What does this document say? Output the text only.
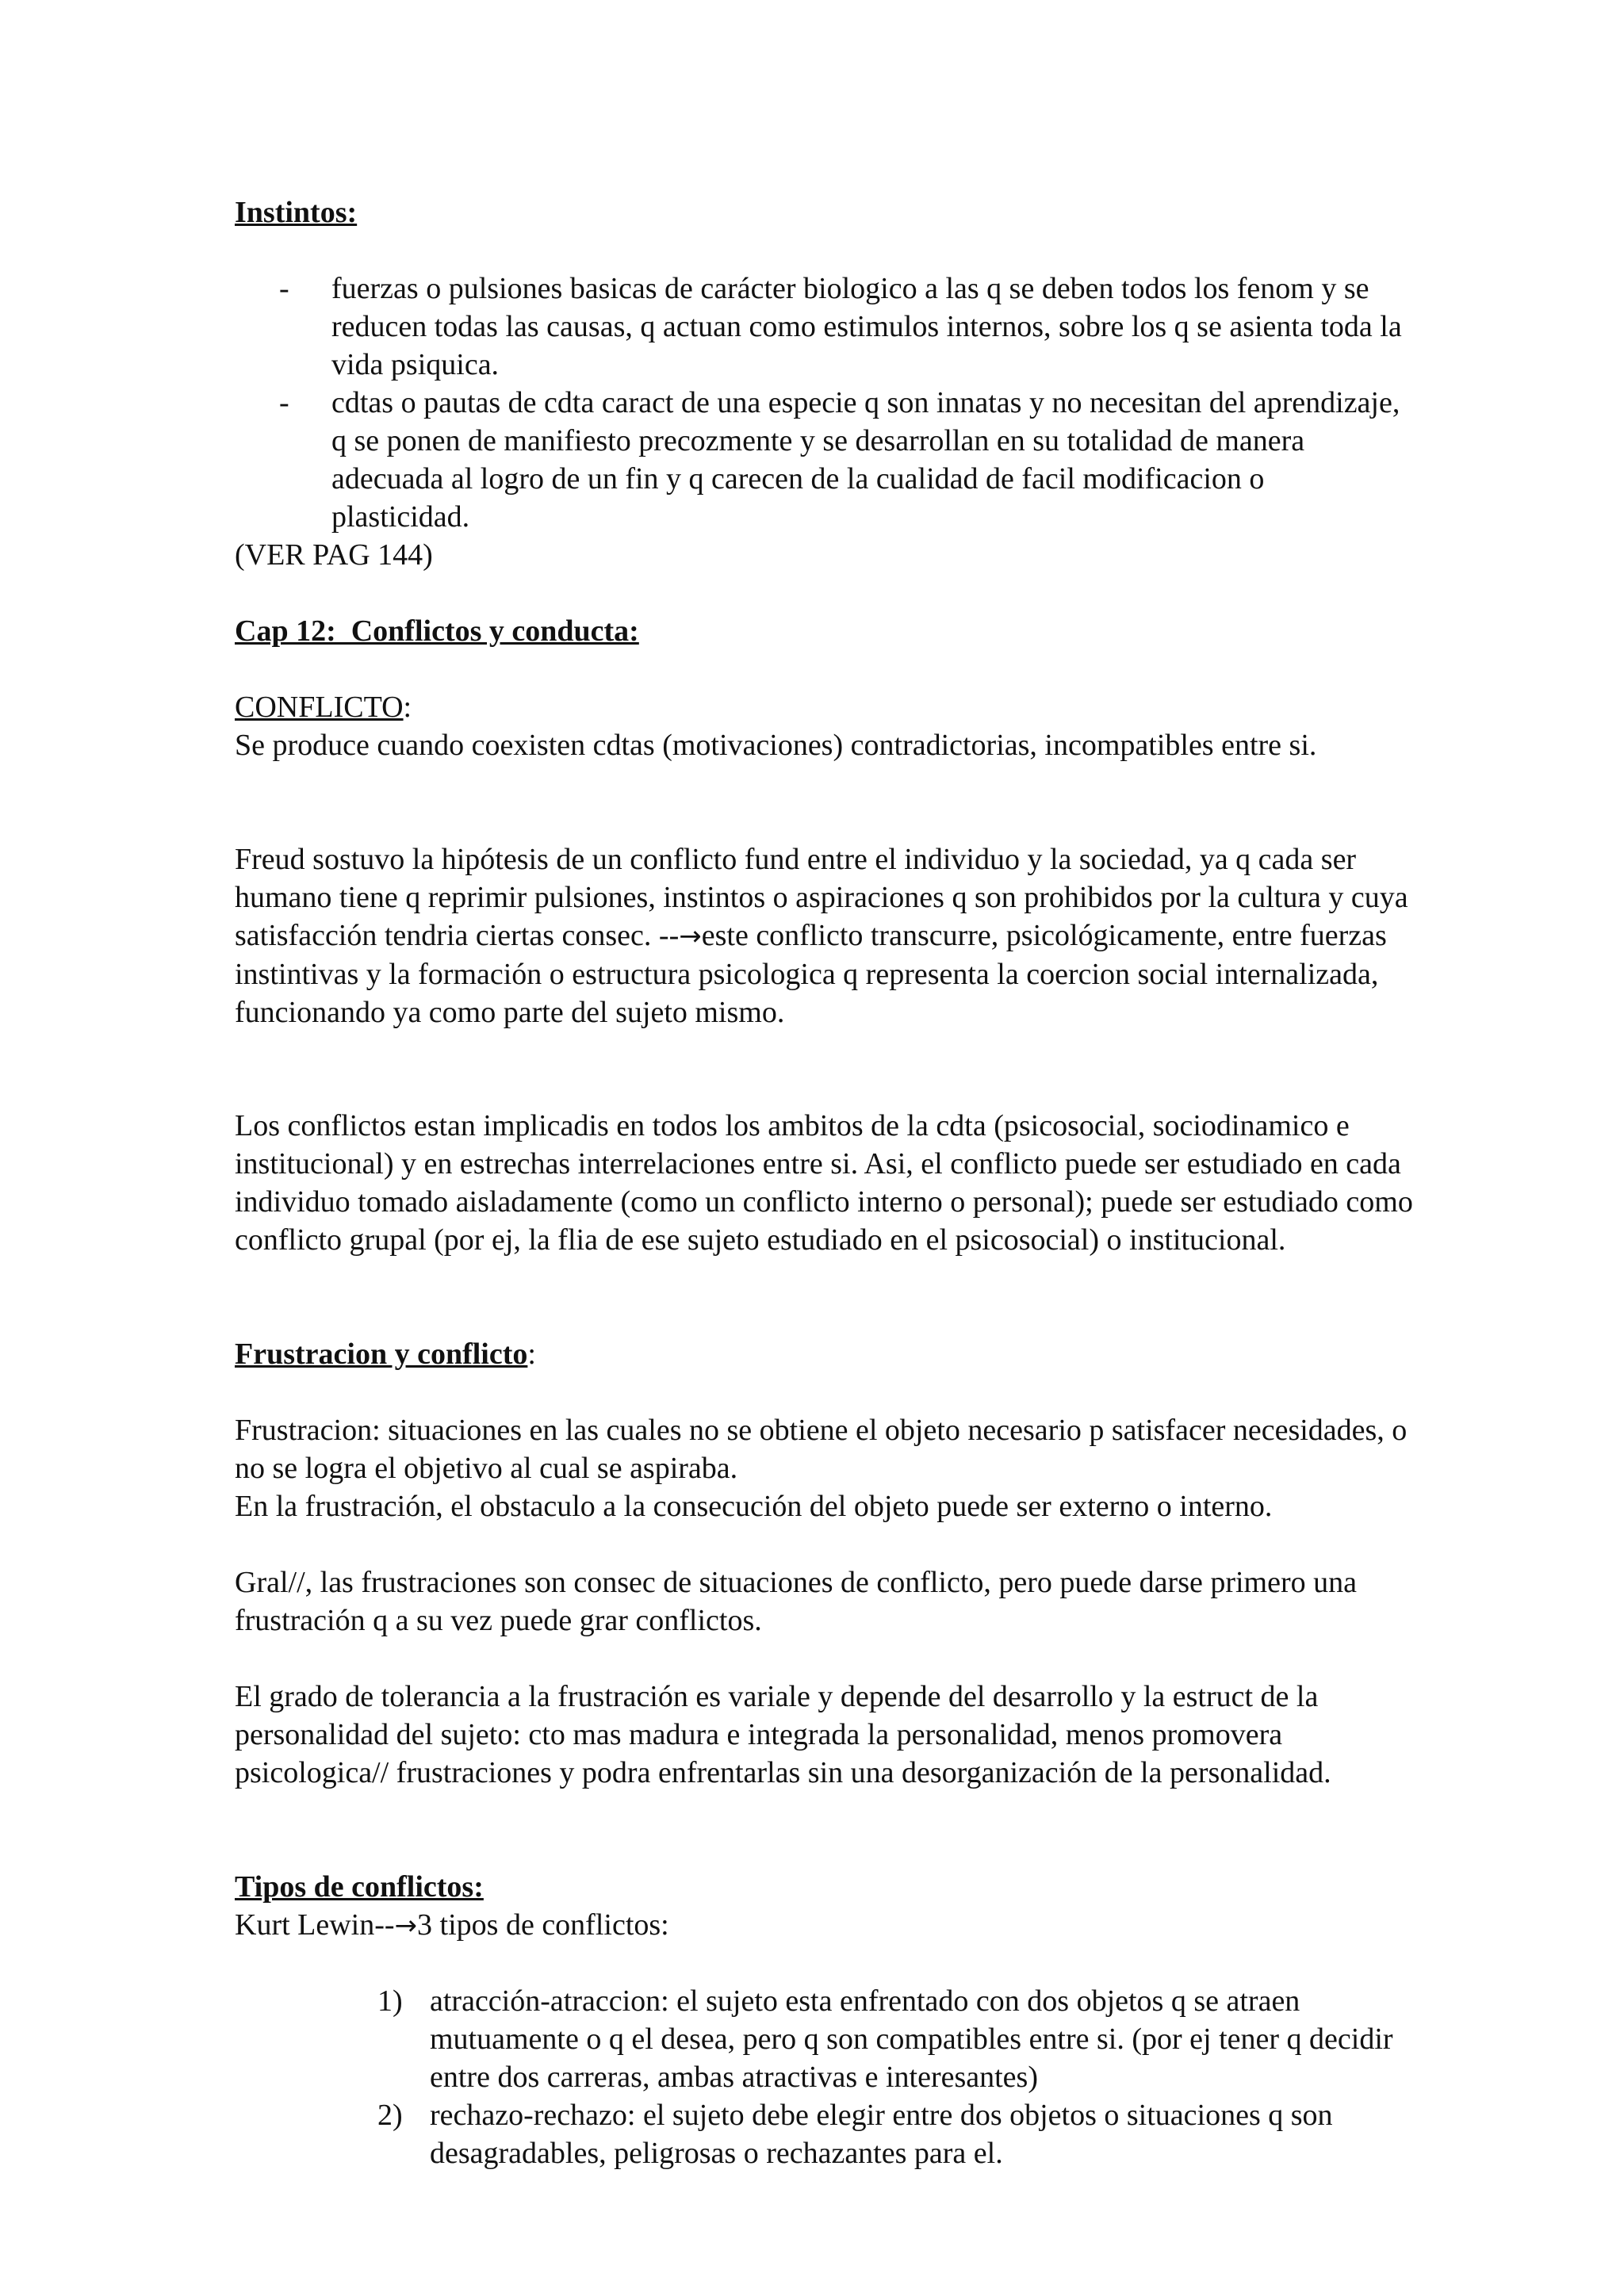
Instintos:
- fuerzas o pulsiones basicas de carácter biologico a las q se deben todos los fenom y se reducen todas las causas, q actuan como estimulos internos, sobre los q se asienta toda la vida psiquica.
- cdtas o pautas de cdta caract de una especie q son innatas y no necesitan del aprendizaje, q se ponen de manifiesto precozmente y se desarrollan en su totalidad de manera adecuada al logro de un fin y q carecen de la cualidad de facil modificacion o plasticidad.
(VER PAG 144)
Cap 12:  Conflictos y conducta:
CONFLICTO:

Se produce cuando coexisten cdtas (motivaciones) contradictorias, incompatibles entre si.

Freud sostuvo la hipótesis de un conflicto fund entre el individuo y la sociedad, ya q cada ser humano tiene q reprimir pulsiones, instintos o aspiraciones q son prohibidos por la cultura y cuya satisfacción tendria ciertas consec. --→este conflicto transcurre, psicológicamente, entre fuerzas instintivas y la formación o estructura psicologica q representa la coercion social internalizada, funcionando ya como parte del sujeto mismo.

Los conflictos estan implicadis en todos los ambitos de la cdta (psicosocial, sociodinamico e institucional) y en estrechas interrelaciones entre si. Asi, el conflicto puede ser estudiado en cada individuo tomado aisladamente (como un conflicto interno o personal); puede ser estudiado como conflicto grupal (por ej, la flia de ese sujeto estudiado en el psicosocial) o institucional.

Frustracion y conflicto:

Frustracion: situaciones en las cuales no se obtiene el objeto necesario p satisfacer necesidades, o no se logra el objetivo al cual se aspiraba.

En la frustración, el obstaculo a la consecución del objeto puede ser externo o interno.

Gral//, las frustraciones son consec de situaciones de conflicto, pero puede darse primero una frustración q a su vez puede grar conflictos.

El grado de tolerancia a la frustración es variale y depende del desarrollo y la estruct de la personalidad del sujeto: cto mas madura e integrada la personalidad, menos promovera psicologica// frustraciones y podra enfrentarlas sin una desorganización de la personalidad.

Tipos de conflictos:
Kurt Lewin--→3 tipos de conflictos:
1) atracción-atraccion: el sujeto esta enfrentado con dos objetos q se atraen mutuamente o q el desea, pero q son compatibles entre si. (por ej tener q decidir entre dos carreras, ambas atractivas e interesantes)
2) rechazo-rechazo: el sujeto debe elegir entre dos objetos o situaciones q son desagradables, peligrosas o rechazantes para el.
